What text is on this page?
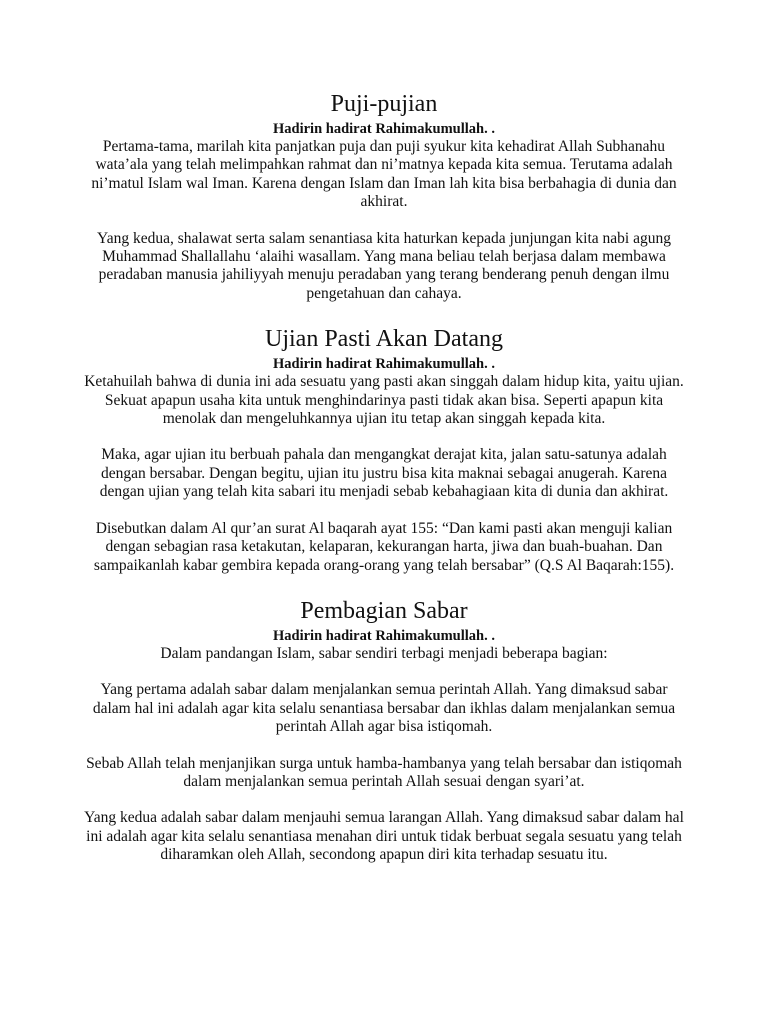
Puji-pujian

Hadirin hadirat Rahimakumullah. .

Pertama-tama, marilah kita panjatkan puja dan puji syukur kita kehadirat Allah Subhanahu wata’ala yang telah melimpahkan rahmat dan ni’matnya kepada kita semua. Terutama adalah ni’matul Islam wal Iman. Karena dengan Islam dan Iman lah kita bisa berbahagia di dunia dan akhirat.

Yang kedua, shalawat serta salam senantiasa kita haturkan kepada junjungan kita nabi agung Muhammad Shallallahu ‘alaihi wasallam. Yang mana beliau telah berjasa dalam membawa peradaban manusia jahiliyyah menuju peradaban yang terang benderang penuh dengan ilmu pengetahuan dan cahaya.

Ujian Pasti Akan Datang

Hadirin hadirat Rahimakumullah. .

Ketahuilah bahwa di dunia ini ada sesuatu yang pasti akan singgah dalam hidup kita, yaitu ujian. Sekuat apapun usaha kita untuk menghindarinya pasti tidak akan bisa. Seperti apapun kita menolak dan mengeluhkannya ujian itu tetap akan singgah kepada kita.

Maka, agar ujian itu berbuah pahala dan mengangkat derajat kita, jalan satu-satunya adalah dengan bersabar. Dengan begitu, ujian itu justru bisa kita maknai sebagai anugerah. Karena dengan ujian yang telah kita sabari itu menjadi sebab kebahagiaan kita di dunia dan akhirat.

Disebutkan dalam Al qur’an surat Al baqarah ayat 155: “Dan kami pasti akan menguji kalian dengan sebagian rasa ketakutan, kelaparan, kekurangan harta, jiwa dan buah-buahan. Dan sampaikanlah kabar gembira kepada orang-orang yang telah bersabar” (Q.S Al Baqarah:155).

Pembagian Sabar

Hadirin hadirat Rahimakumullah. .

Dalam pandangan Islam, sabar sendiri terbagi menjadi beberapa bagian:

Yang pertama adalah sabar dalam menjalankan semua perintah Allah. Yang dimaksud sabar dalam hal ini adalah agar kita selalu senantiasa bersabar dan ikhlas dalam menjalankan semua perintah Allah agar bisa istiqomah.

Sebab Allah telah menjanjikan surga untuk hamba-hambanya yang telah bersabar dan istiqomah dalam menjalankan semua perintah Allah sesuai dengan syari’at.

Yang kedua adalah sabar dalam menjauhi semua larangan Allah. Yang dimaksud sabar dalam hal ini adalah agar kita selalu senantiasa menahan diri untuk tidak berbuat segala sesuatu yang telah diharamkan oleh Allah, secondong apapun diri kita terhadap sesuatu itu.
